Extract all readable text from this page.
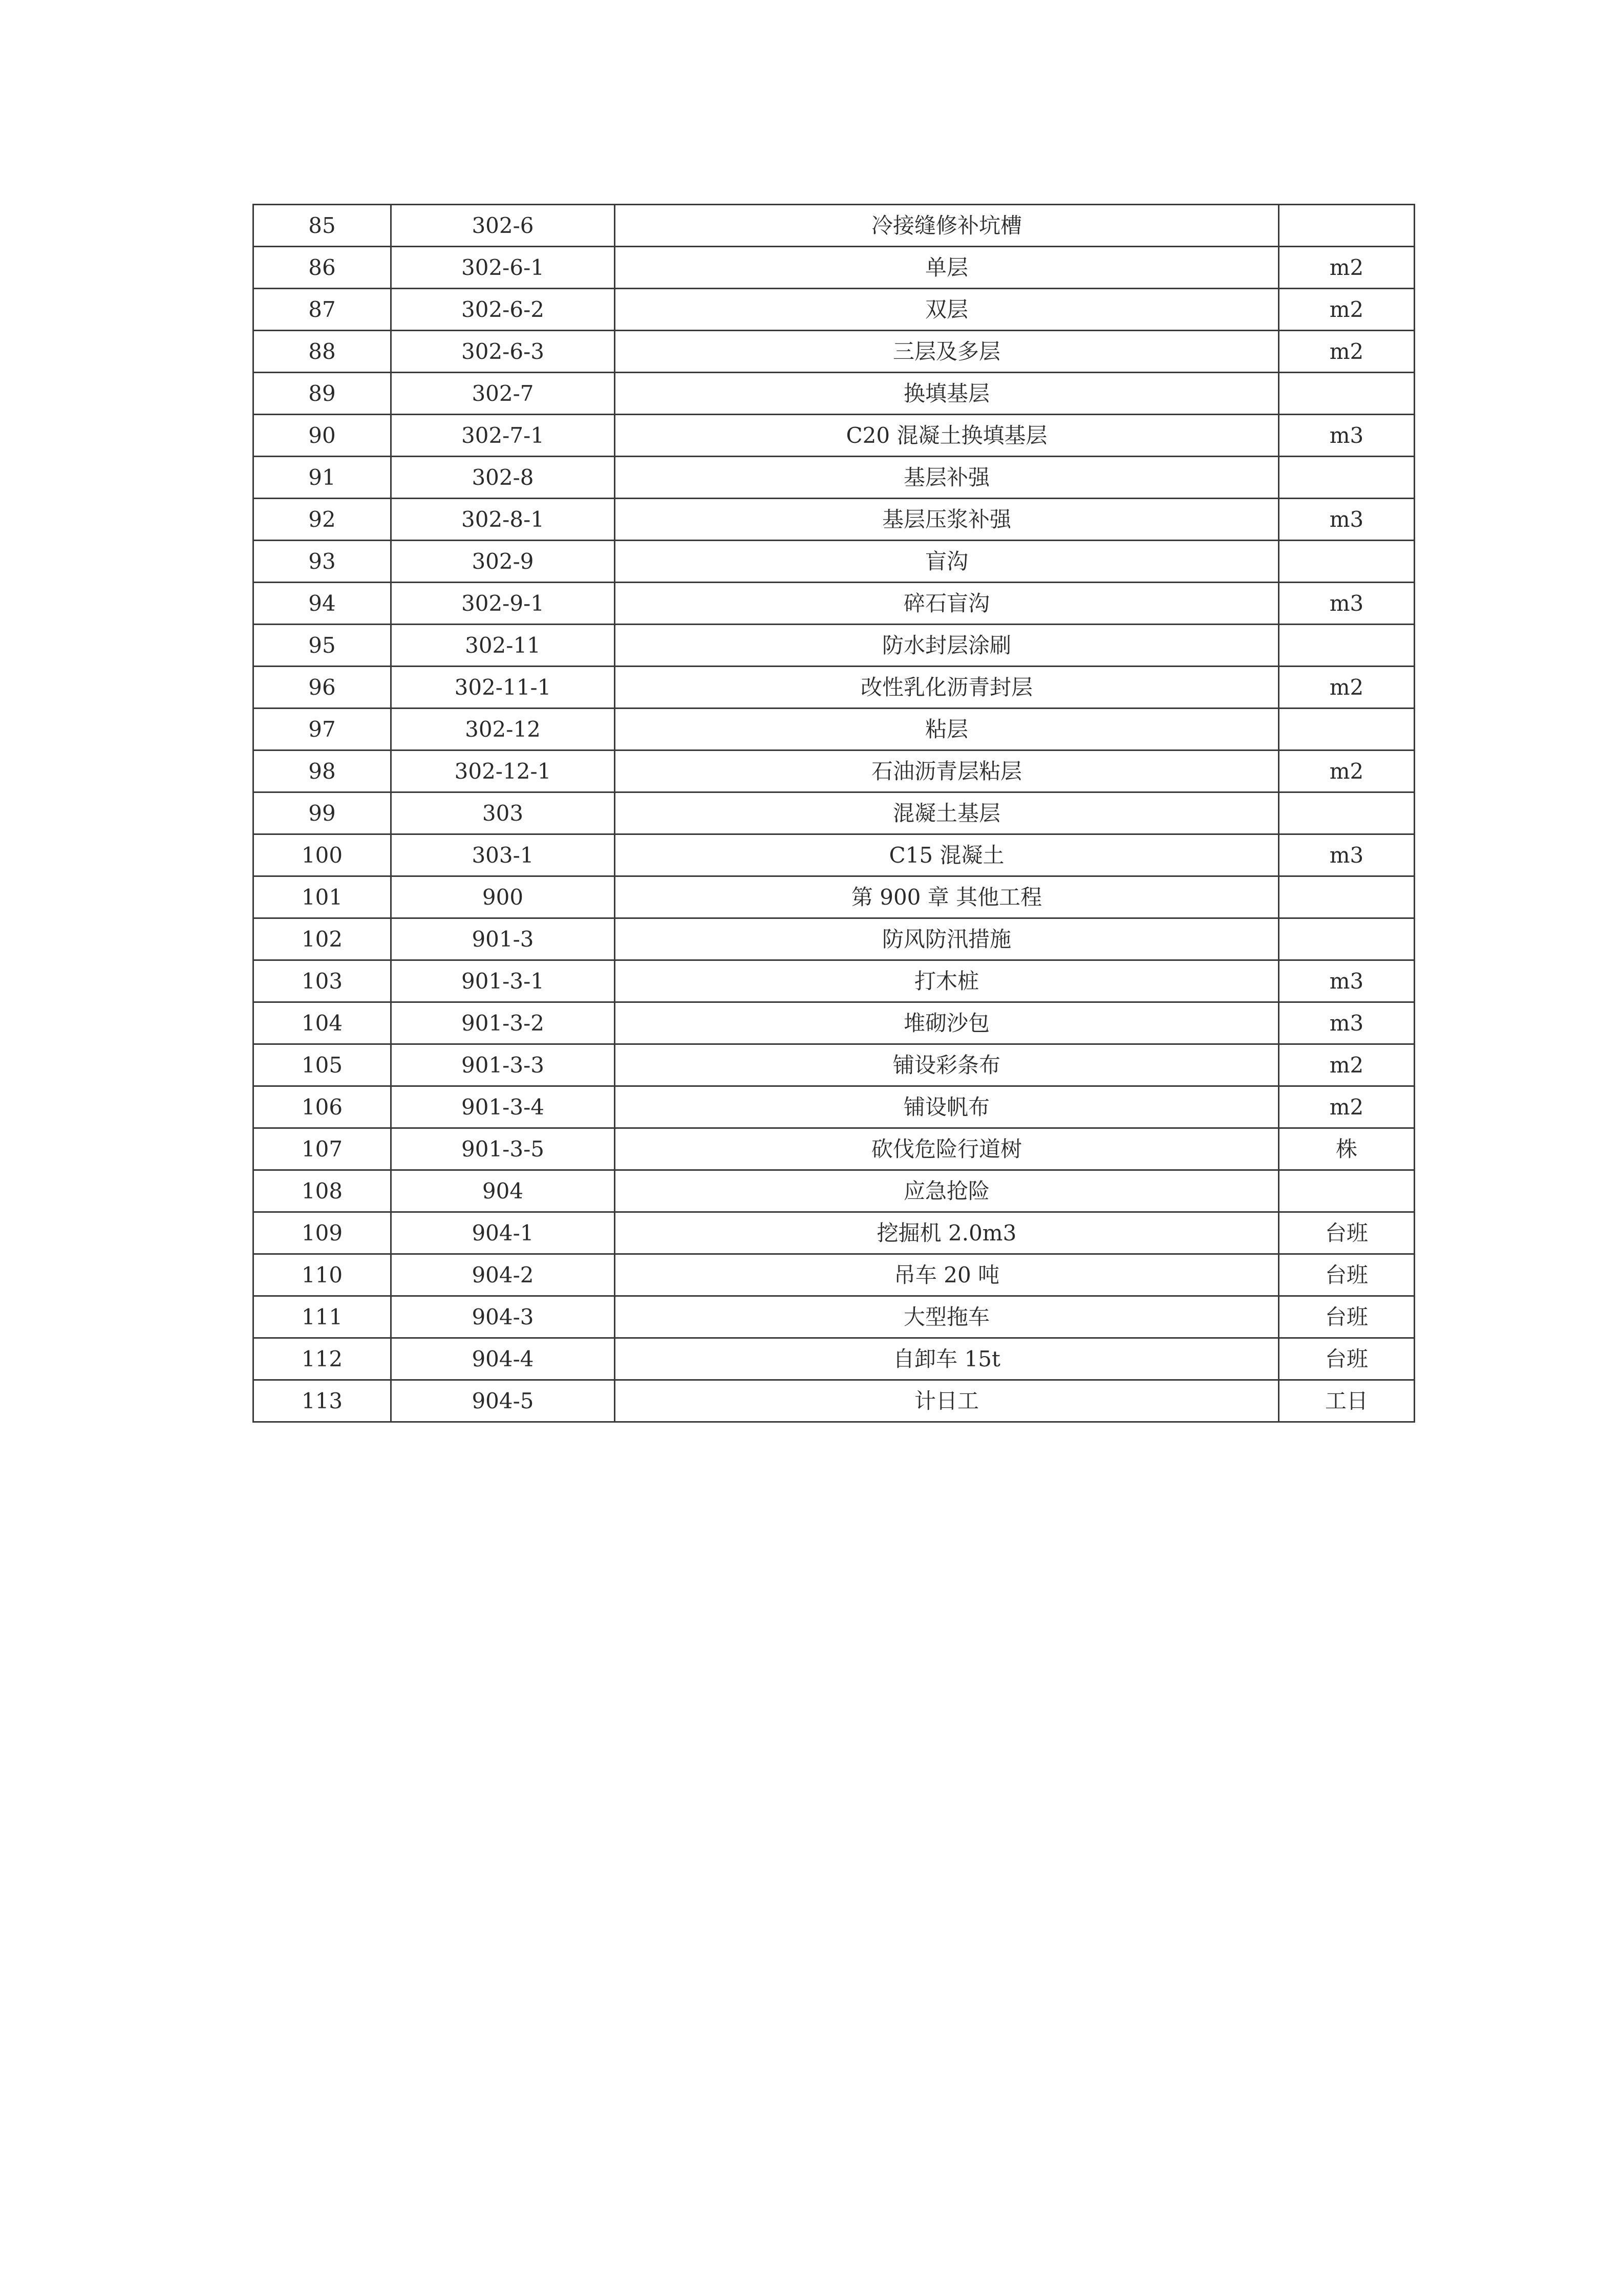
85	302-6	冷接缝修补坑槽	
86	302-6-1	单层	m2
87	302-6-2	双层	m2
88	302-6-3	三层及多层	m2
89	302-7	换填基层	
90	302-7-1	C20 混凝土换填基层	m3
91	302-8	基层补强	
92	302-8-1	基层压浆补强	m3
93	302-9	盲沟	
94	302-9-1	碎石盲沟	m3
95	302-11	防水封层涂刷	
96	302-11-1	改性乳化沥青封层	m2
97	302-12	粘层	
98	302-12-1	石油沥青层粘层	m2
99	303	混凝土基层	
100	303-1	C15 混凝土	m3
101	900	第 900 章 其他工程	
102	901-3	防风防汛措施	
103	901-3-1	打木桩	m3
104	901-3-2	堆砌沙包	m3
105	901-3-3	铺设彩条布	m2
106	901-3-4	铺设帆布	m2
107	901-3-5	砍伐危险行道树	株
108	904	应急抢险	
109	904-1	挖掘机 2.0m3	台班
110	904-2	吊车 20 吨	台班
111	904-3	大型拖车	台班
112	904-4	自卸车 15t	台班
113	904-5	计日工	工日
